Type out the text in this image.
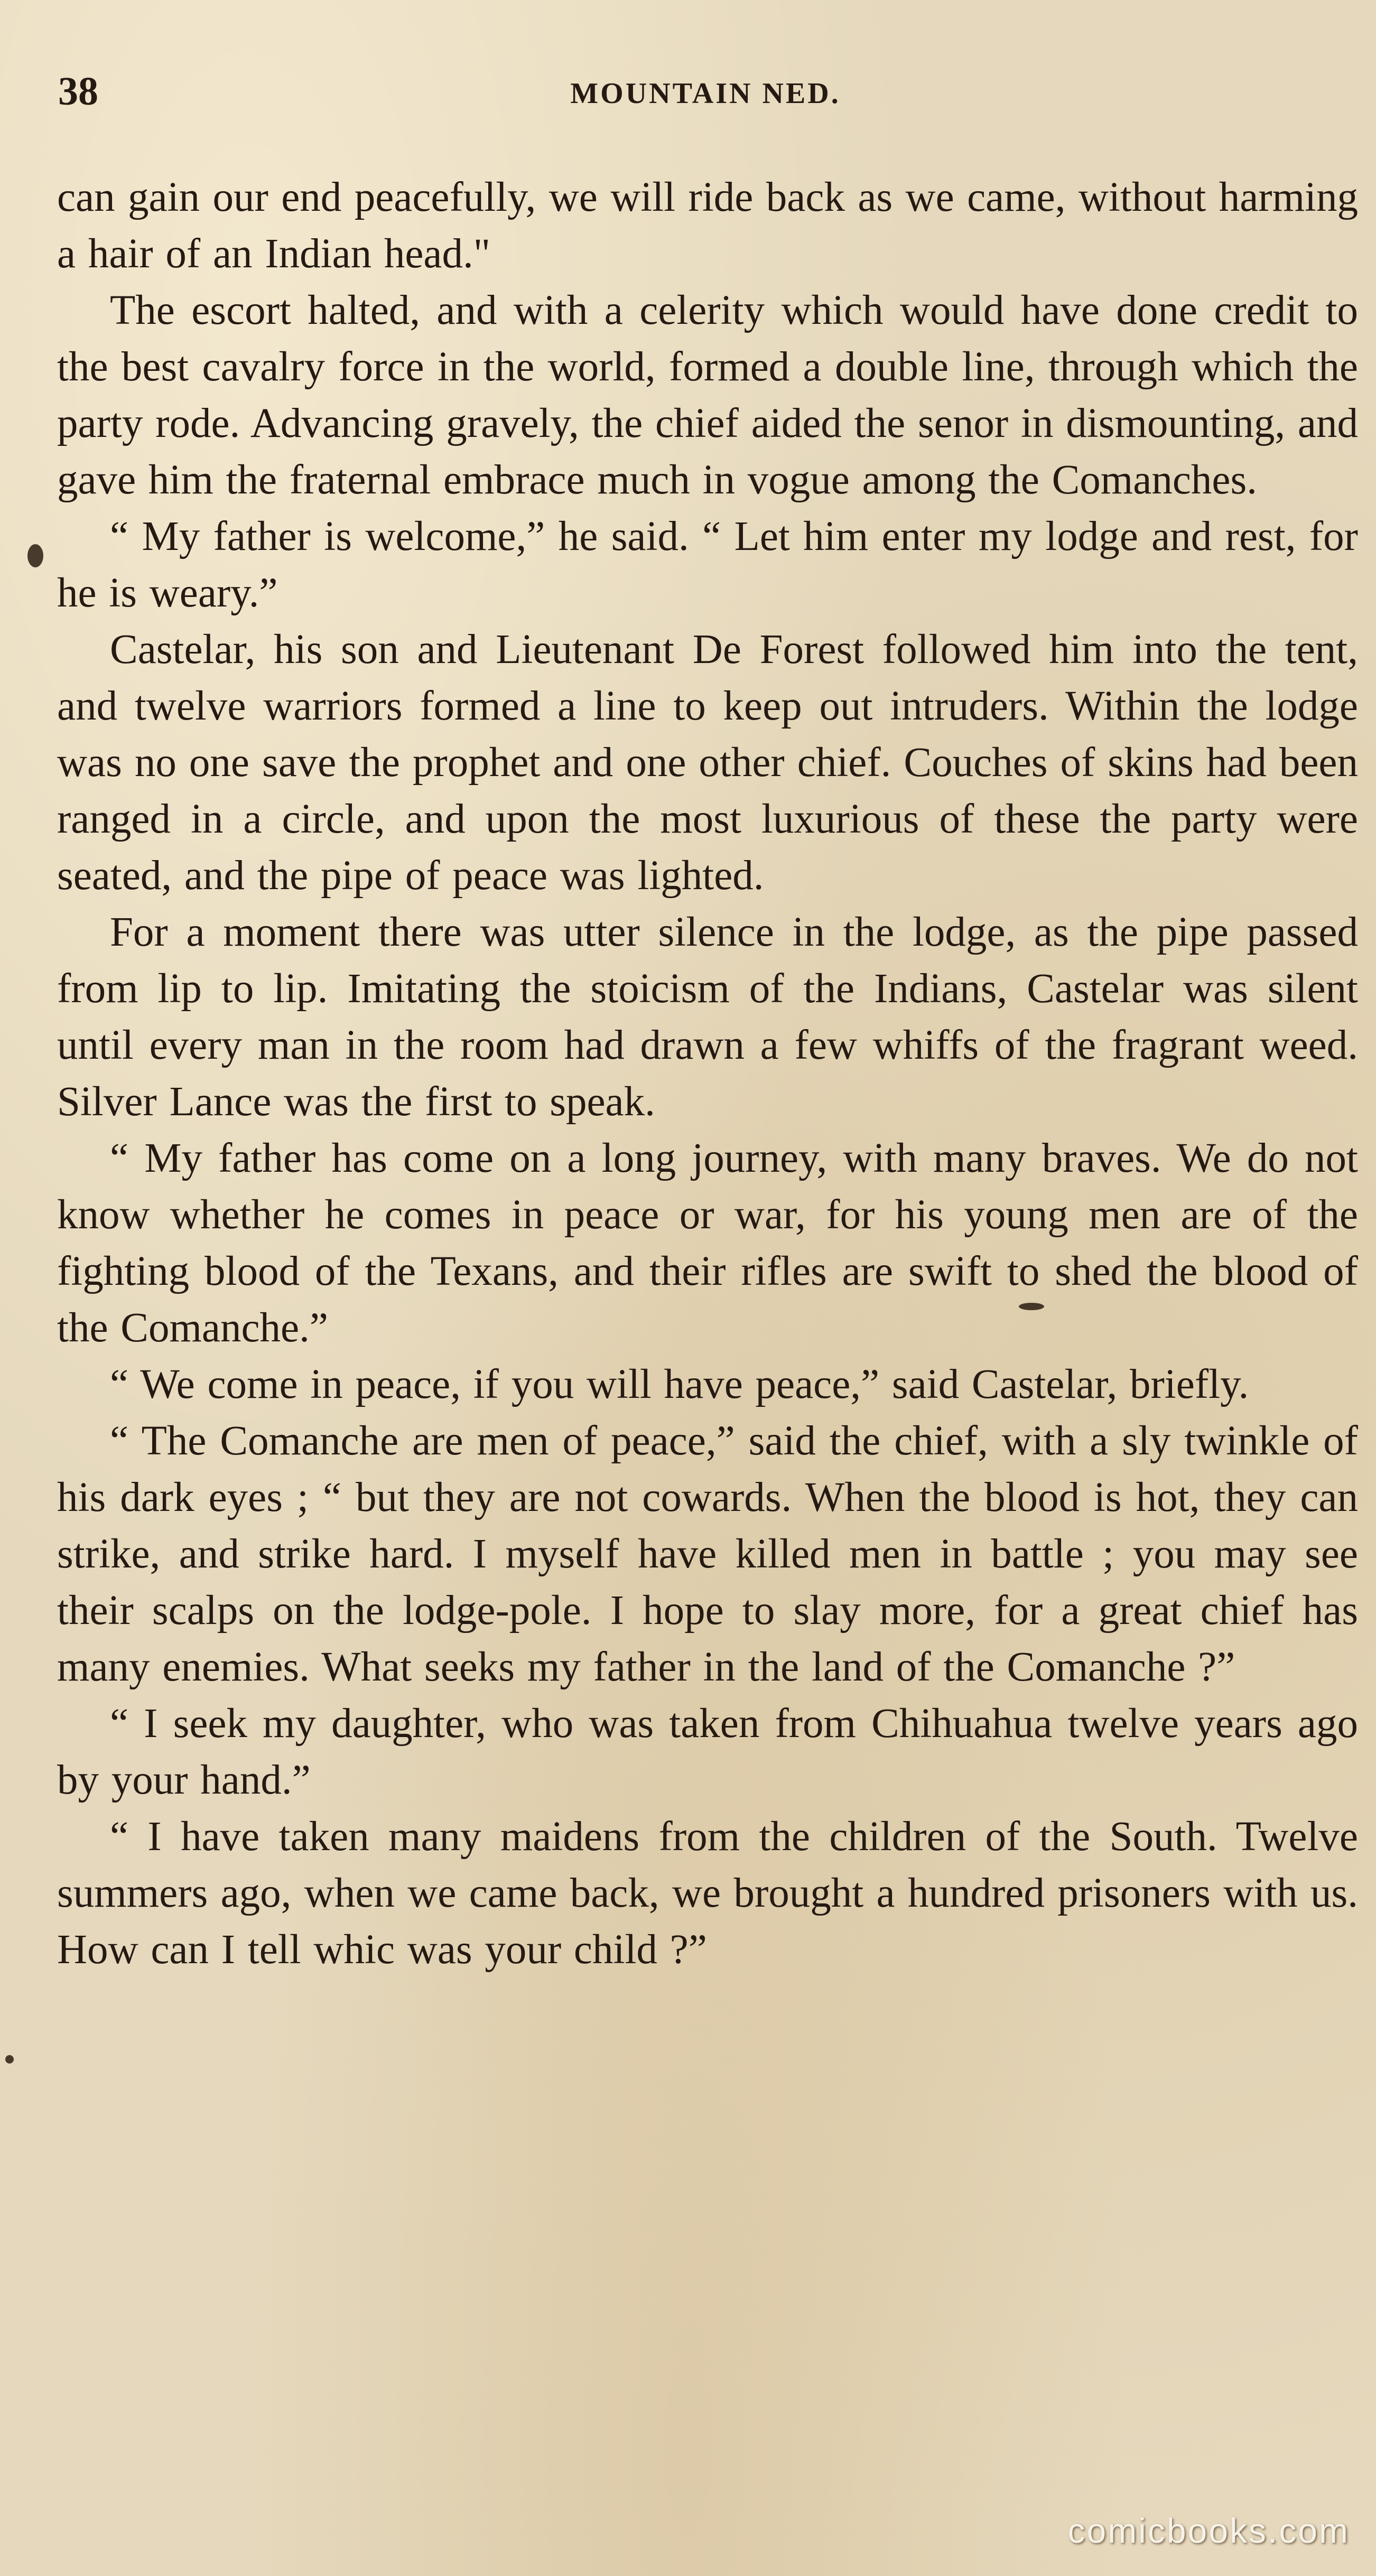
38	MOUNTAIN NED.

can gain our end peacefully, we will ride back as we came, without harming a hair of an Indian head."

The escort halted, and with a celerity which would have done credit to the best cavalry force in the world, formed a double line, through which the party rode. Advancing gravely, the chief aided the senor in dismounting, and gave him the fraternal embrace much in vogue among the Comanches.

“ My father is welcome,” he said. “ Let him enter my lodge and rest, for he is weary.”

Castelar, his son and Lieutenant De Forest followed him into the tent, and twelve warriors formed a line to keep out intruders. Within the lodge was no one save the prophet and one other chief. Couches of skins had been ranged in a circle, and upon the most luxurious of these the party were seated, and the pipe of peace was lighted.

For a moment there was utter silence in the lodge, as the pipe passed from lip to lip. Imitating the stoicism of the Indians, Castelar was silent until every man in the room had drawn a few whiffs of the fragrant weed. Silver Lance was the first to speak.

“ My father has come on a long journey, with many braves. We do not know whether he comes in peace or war, for his young men are of the fighting blood of the Texans, and their rifles are swift to shed the blood of the Comanche.”

“ We come in peace, if you will have peace,” said Castelar, briefly.

“ The Comanche are men of peace,” said the chief, with a sly twinkle of his dark eyes ; “ but they are not cowards. When the blood is hot, they can strike, and strike hard. I myself have killed men in battle ; you may see their scalps on the lodge-pole. I hope to slay more, for a great chief has many enemies. What seeks my father in the land of the Comanche ?”

“ I seek my daughter, who was taken from Chihuahua twelve years ago by your hand.”

“ I have taken many maidens from the children of the South. Twelve summers ago, when we came back, we brought a hundred prisoners with us. How can I tell whic was your child ?”

comicbooks.com
